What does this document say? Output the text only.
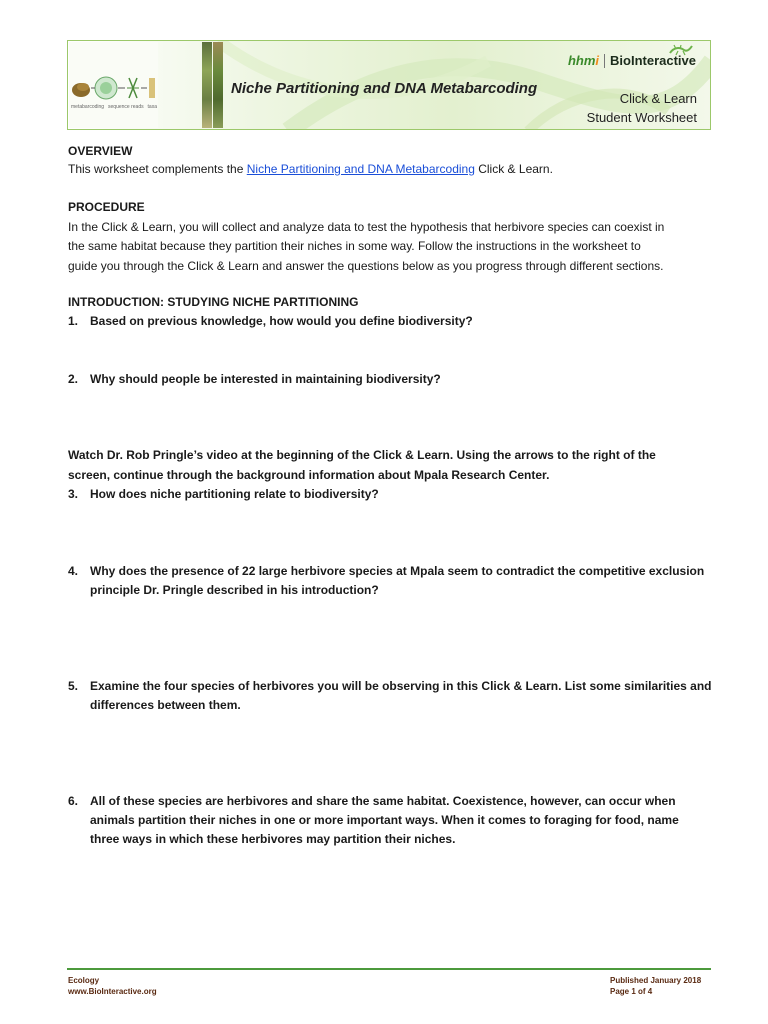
metabarcoding sequence reads taxa
Niche Partitioning and DNA Metabarcoding
hhmi BioInteractive
Click & Learn
Student Worksheet
OVERVIEW
This worksheet complements the Niche Partitioning and DNA Metabarcoding Click & Learn.
PROCEDURE
In the Click & Learn, you will collect and analyze data to test the hypothesis that herbivore species can coexist in
the same habitat because they partition their niches in some way. Follow the instructions in the worksheet to
guide you through the Click & Learn and answer the questions below as you progress through different sections.
INTRODUCTION: STUDYING NICHE PARTITIONING
1. Based on previous knowledge, how would you define biodiversity?
2. Why should people be interested in maintaining biodiversity?
Watch Dr. Rob Pringle’s video at the beginning of the Click & Learn. Using the arrows to the right of the
screen, continue through the background information about Mpala Research Center.
3. How does niche partitioning relate to biodiversity?
4. Why does the presence of 22 large herbivore species at Mpala seem to contradict the competitive exclusion
principle Dr. Pringle described in his introduction?
5. Examine the four species of herbivores you will be observing in this Click & Learn. List some similarities and
differences between them.
6. All of these species are herbivores and share the same habitat. Coexistence, however, can occur when
animals partition their niches in one or more important ways. When it comes to foraging for food, name
three ways in which these herbivores may partition their niches.
Ecology
www.BioInteractive.org
Published January 2018
Page 1 of 4
